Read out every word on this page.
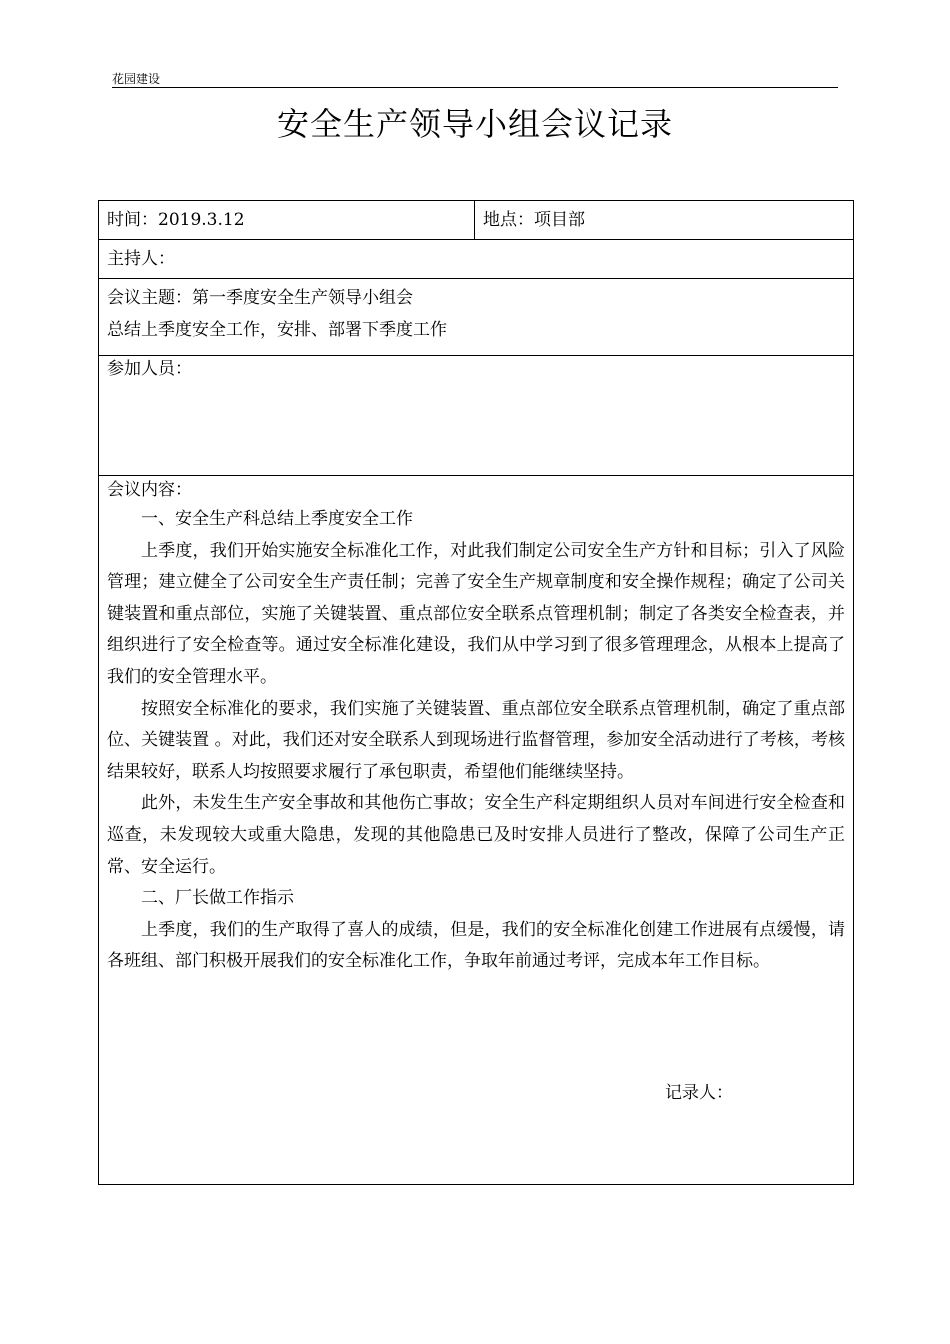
花园建设
安全生产领导小组会议记录
时间：2019.3.12	地点：项目部
主持人：

会议主题：第一季度安全生产领导小组会
总结上季度安全工作，安排、部署下季度工作

参加人员：

会议内容：

一、安全生产科总结上季度安全工作

上季度，我们开始实施安全标准化工作，对此我们制定公司安全生产方针和目标；引入了风险管理；建立健全了公司安全生产责任制；完善了安全生产规章制度和安全操作规程；确定了公司关键装置和重点部位，实施了关键装置、重点部位安全联系点管理机制；制定了各类安全检查表，并组织进行了安全检查等。通过安全标准化建设，我们从中学习到了很多管理理念，从根本上提高了我们的安全管理水平。

按照安全标准化的要求，我们实施了关键装置、重点部位安全联系点管理机制，确定了重点部位、关键装置 。对此，我们还对安全联系人到现场进行监督管理，参加安全活动进行了考核，考核结果较好，联系人均按照要求履行了承包职责，希望他们能继续坚持。

此外，未发生生产安全事故和其他伤亡事故；安全生产科定期组织人员对车间进行安全检查和巡查，未发现较大或重大隐患，发现的其他隐患已及时安排人员进行了整改，保障了公司生产正常、安全运行。

二、厂长做工作指示

上季度，我们的生产取得了喜人的成绩，但是，我们的安全标准化创建工作进展有点缓慢，请各班组、部门积极开展我们的安全标准化工作，争取年前通过考评，完成本年工作目标。

记录人：
